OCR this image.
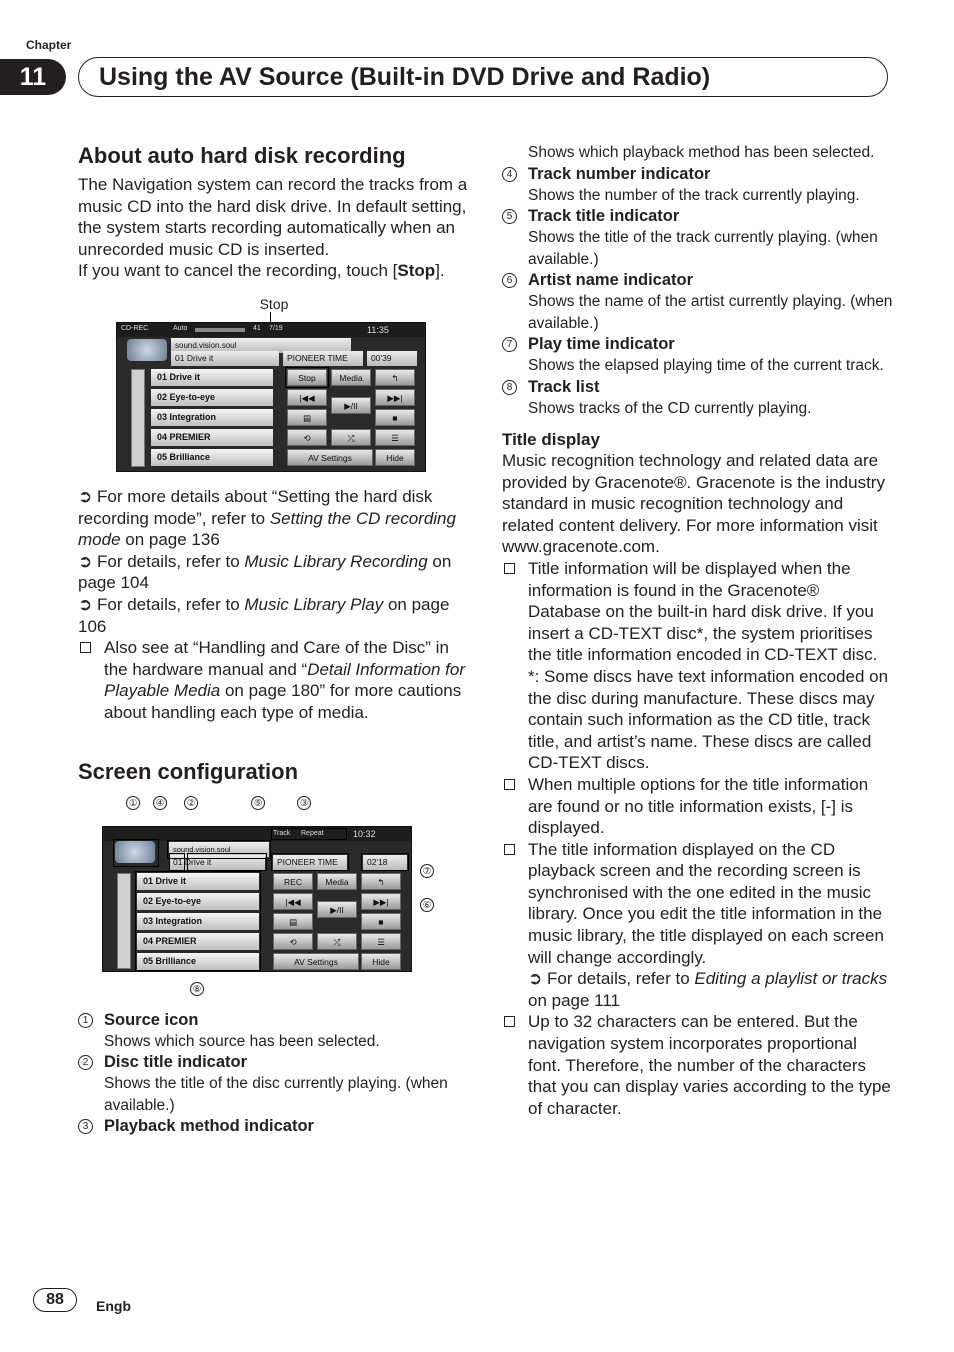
Chapter
11	Using the AV Source (Built-in DVD Drive and Radio)
About auto hard disk recording

The Navigation system can record the tracks from a music CD into the hard disk drive. In default setting, the system starts recording automatically when an unrecorded music CD is inserted.

If you want to cancel the recording, touch [Stop].

Stop
CD-REC	Auto	41 7/19	11:35
sound.vision.soul
01 Drive it	PIONEER TIME	00'39
01 Drive it
02 Eye-to-eye
03 Integration
04 PREMIER
05 Brilliance
Stop	Media	↰
|◀◀
▶/II
▶▶|
▤	■
⟲	⤮	☰
AV Settings	Hide

➲ For more details about “Setting the hard disk recording mode”, refer to Setting the CD recording mode on page 136

➲ For details, refer to Music Library Recording on page 104

➲ For details, refer to Music Library Play on page 106

Also see at “Handling and Care of the Disc” in the hardware manual and “Detail Information for Playable Media on page 180” for more cautions about handling each type of media.

Screen configuration
① ④ ②	⑤	③
Track Repeat	10:32
sound.vision.soul
01 Drive it	PIONEER TIME	02'18
01 Drive it
02 Eye-to-eye
03 Integration
04 PREMIER
05 Brilliance
REC	Media	↰
|◀◀
▶/II
▶▶|
▤	■
⟲	⤮	☰
AV Settings	Hide
⑦
⑥
⑧
1 Source icon

Shows which source has been selected.

2 Disc title indicator

Shows the title of the disc currently playing. (when available.)

3 Playback method indicator

Shows which playback method has been selected.

4 Track number indicator

Shows the number of the track currently playing.

5 Track title indicator

Shows the title of the track currently playing. (when available.)

6 Artist name indicator

Shows the name of the artist currently playing. (when available.)

7 Play time indicator

Shows the elapsed playing time of the current track.

8 Track list

Shows tracks of the CD currently playing.

Title display

Music recognition technology and related data are provided by Gracenote®. Gracenote is the industry standard in music recognition technology and related content delivery. For more information visit www.gracenote.com.

Title information will be displayed when the information is found in the Gracenote® Database on the built-in hard disk drive. If you insert a CD-TEXT disc*, the system prioritises the title information encoded in CD-TEXT disc.

*: Some discs have text information encoded on the disc during manufacture. These discs may contain such information as the CD title, track title, and artist’s name. These discs are called CD-TEXT discs.

When multiple options for the title information are found or no title information exists, [-] is displayed.

The title information displayed on the CD playback screen and the recording screen is synchronised with the one edited in the music library. Once you edit the title information in the music library, the title displayed on each screen will change accordingly.

➲ For details, refer to Editing a playlist or tracks on page 111

Up to 32 characters can be entered. But the navigation system incorporates proportional font. Therefore, the number of the characters that you can display varies according to the type of character.

88	Engb
